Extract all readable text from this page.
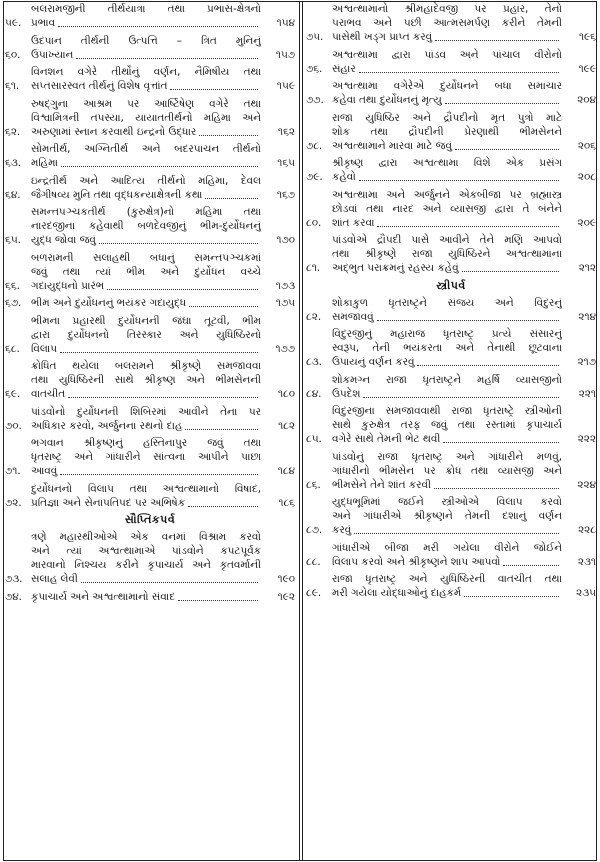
૫૯.
બલરામજીની તીર્થયાત્રા તથા પ્રભાસ-ક્ષેત્રનો
પ્રભાવ	૧૫૪
૬૦.
ઉદપાન તીર્થની ઉત્પત્તિ – ત્રિત મુનિનું
ઉપાખ્યાન	૧૫૭
૬૧.
વિનશન વગેરે તીર્થોનું વર્ણન, નૈમિષીય તથા
સપ્તસારસ્વત તીર્થનું વિશેષ વૃત્તાંત	૧૫૯
૬૨.
રુષદ્ગુના આશ્રમ પર આર્ષ્ટિષેણ વગેરે તથા
વિશ્વામિત્રની તપસ્યા, યાયાતતીર્થનો મહિમા અને
અરુણામાં સ્નાન કરવાથી ઇન્દ્રનો ઉદ્ધાર	૧૬૨
૬૩.
સોમતીર્થ, અગ્નિતીર્થ અને બદરપાચન તીર્થનો
મહિમા	૧૬૫
૬૪.
ઇન્દ્રતીર્થ અને આદિત્ય તીર્થનો મહિમા, દેવલ
જૈગીષવ્ય મુનિ તથા વૃદ્ધકન્યાક્ષેત્રની કથા	૧૬૭
૬૫.
સમન્તપઞ્ચકતીર્થ (કુરુક્ષેત્ર)નો મહિમા તથા
નારદજીના કહેવાથી બળદેવજીનું ભીમ-દુર્યોધનનું
યુદ્ધ જોવા જવું	૧૭૦
૬૬.
બળરામની સલાહથી બધાનું સમન્તપઞ્ચકમાં
જવું તથા ત્યાં ભીમ અને દુર્યોધન વચ્ચે
ગદાયુદ્ધનો પ્રારંભ	૧૭૩
૬૭. ભીમ અને દુર્યોધનનું ભયંકર ગદાયુદ્ધ	૧૭૫
૬૮.
ભીમના પ્રહારથી દુર્યોધનની જંઘા તૂટવી, ભીમ
દ્વારા દુર્યોધનનો તિરસ્કાર અને યુધિષ્ઠિરનો
વિલાપ	૧૭૭
૬૯.
ક્રોધિત થયેલા બલરામને શ્રીકૃષ્ણે સમજાવવા
તથા યુધિષ્ઠિરની સાથે શ્રીકૃષ્ણ અને ભીમસેનની
વાતચીત	૧૮૦
૭૦.
પાંડવોનો દુર્યોધનની શિબિરમાં આવીને તેના પર
અધિકાર કરવો, અર્જુનના રથનો દાહ	૧૮૨
૭૧.
ભગવાન શ્રીકૃષ્ણનું હસ્તિનાપુર જવું તથા
ધૃતરાષ્ટ્ર અને ગાંધારીને સાંત્વના આપીને પાછા
આવવું	૧૮૪
૭૨.
દુર્યોધનનો વિલાપ તથા અશ્વત્થામાનો વિષાદ,
પ્રતિજ્ઞા અને સેનાપતિપદ પર અભિષેક	૧૮૬
સૌપ્તિકપર્વ
૭૩.
ત્રણે મહારથીઓએ એક વનમાં વિશ્રામ કરવો
અને ત્યાં અશ્વત્થામાએ પાંડવોને કપટપૂર્વક
મારવાનો નિશ્ચય કરીને કૃપાચાર્ય અને કૃતવર્માની
સલાહ લેવી	૧૯૦
૭૪. કૃપાચાર્ય અને અશ્વત્થામાનો સંવાદ	૧૯૨
૭૫.
અશ્વત્થામાનો શ્રીમહાદેવજી પર પ્રહાર, તેનો
પરાભવ અને પછી આત્મસમર્પણ કરીને તેમની
પાસેથી ખડ્ગ પ્રાપ્ત કરવું	૧૯૬
૭૬.
અશ્વત્થામા દ્વારા પાંડવ અને પાંચાલ વીરોનો
સંહાર	૧૯૯
૭૭.
અશ્વત્થામા વગેરેએ દુર્યોધનને બધા સમાચાર
કહેવા તથા દુર્યોધનનું મૃત્યુ	૨૦૪
૭૮.
રાજા યુધિષ્ઠિર અને દ્રૌપદીનો મૃત પુત્રો માટે
શોક તથા દ્રૌપદીની પ્રેરણાથી ભીમસેનને
અશ્વત્થામાને મારવા માટે જવું	૨૦૬
૭૯.
શ્રીકૃષ્ણ દ્વારા અશ્વત્થામા વિશે એક પ્રસંગ
કહેવો	૨૦૮
૮૦.
અશ્વત્થામા અને અર્જુનને એકબીજા પર બ્રહ્માસ્ત્ર
છોડવાં તથા નારદ અને વ્યાસજી દ્વારા તે બંનેને
શાંત કરવા	૨૦૯
૮૧.
પાંડવોએ દ્રૌપદી પાસે આવીને તેને મણિ આપવો
તથા શ્રીકૃષ્ણે રાજા યુધિષ્ઠિરને અશ્વત્થામાના
અદ્‌ભુત પરાક્રમનું રહસ્ય કહેવું	૨૧૨
સ્ત્રીપર્વ
૮૨.
શોકાકુળ ધૃતરાષ્ટ્રને સંજય અને વિદુરનું
સમજાવવું	૨૧૪
૮૩.
વિદુરજીનું મહારાજ ધૃતરાષ્ટ્ર પ્રત્યે સંસારનું
સ્વરૂપ, તેની ભયંકરતા અને તેનાથી છૂટવાના
ઉપાયનું વર્ણન કરવું	૨૧૭
૮૪.
શોકમગ્ન રાજા ધૃતરાષ્ટ્રને મહર્ષિ વ્યાસજીનો
ઉપદેશ	૨૨૧
૮૫.
વિદુરજીના સમજાવવાથી રાજા ધૃતરાષ્ટ્રે સ્ત્રીઓની
સાથે કુરુક્ષેત્ર તરફ જવું તથા રસ્તામાં કૃપાચાર્ય
વગેરે સાથે તેમની ભેટ થવી	૨૨૨
૮૬.
પાંડવોનું રાજા ધૃતરાષ્ટ્ર અને ગાંધારીને મળવું,
ગાંધારીનો ભીમસેન પર ક્રોધ તથા વ્યાસજી અને
ભીમસેને તેને શાંત કરવી	૨૨૪
૮૭.
યુદ્ધભૂમિમાં જઈને સ્ત્રીઓએ વિલાપ કરવો
અને ગાંધારીએ શ્રીકૃષ્ણને તેમની દશાનું વર્ણન
કરવું	૨૨૮
૮૮.
ગાંધારીએ બીજા મરી ગયેલા વીરોને જોઈને
વિલાપ કરવો અને શ્રીકૃષ્ણને શાપ આપવો	૨૩૧
૮૯.
રાજા ધૃતરાષ્ટ્ર અને યુધિષ્ઠિરની વાતચીત તથા
મરી ગયેલા યોદ્ધાઓનું દાહકર્મ	૨૩૫
